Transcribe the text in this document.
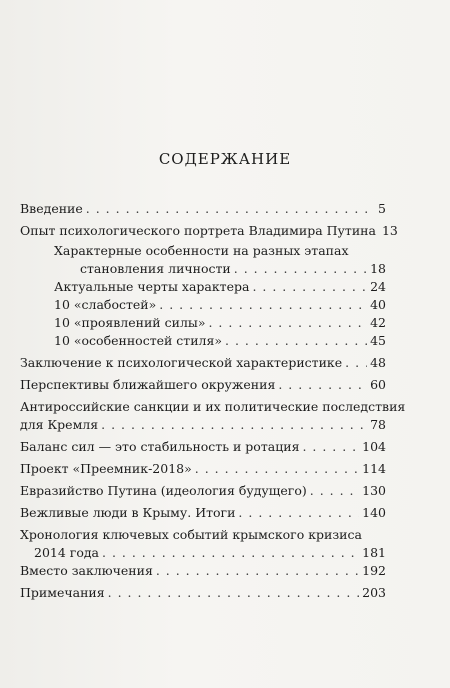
СОДЕРЖАНИЕ
Введение . . .	5
Опыт психологического портрета Владимира Путина 13
Характерные особенности на разных этапах
становления личности . . .	18
Актуальные черты характера . . .	24
10 «слабостей» . . .	40
10 «проявлений силы» . . .	42
10 «особенностей стиля» . . .	45
Заключение к психологической характеристике . . . 48
Перспективы ближайшего окружения . . .	60
Антироссийские санкции и их политические последствия
для Кремля . . .	78
Баланс сил — это стабильность и ротация . . .	104
Проект «Преемник-2018» . . .	114
Евразийство Путина (идеология будущего) . . .	130
Вежливые люди в Крыму. Итоги . . .	140
Хронология ключевых событий крымского кризиса
2014 года . . .	181
Вместо заключения . . .	192
Примечания . . .	203
